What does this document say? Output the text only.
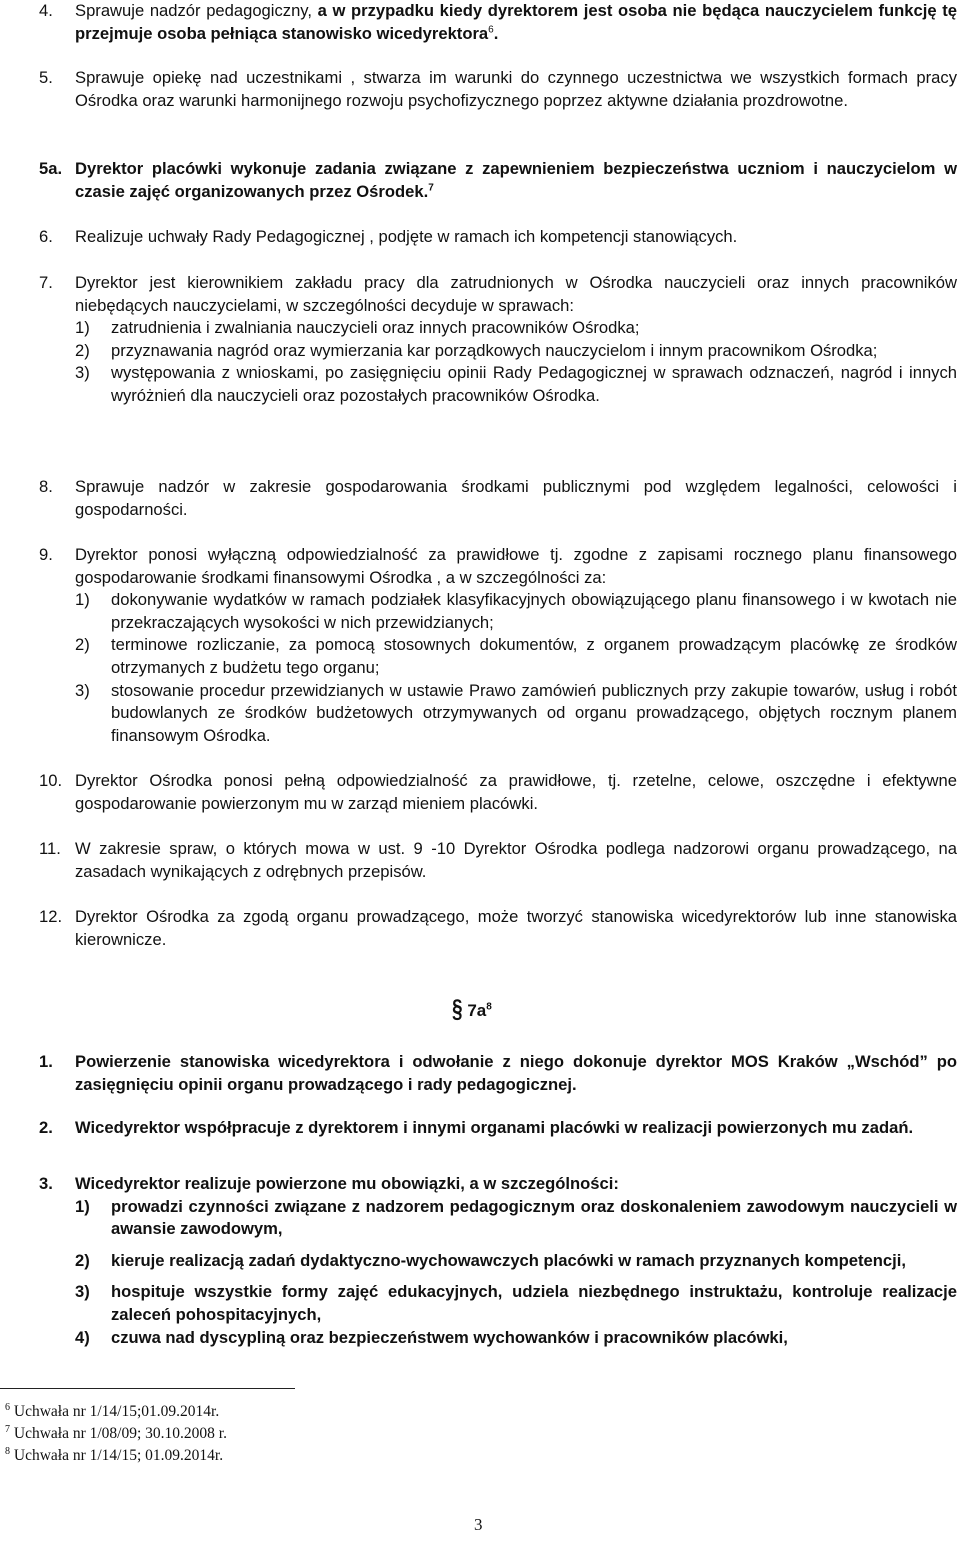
4. Sprawuje nadzór pedagogiczny, a w przypadku kiedy dyrektorem jest osoba nie będąca nauczycielem funkcję tę przejmuje osoba pełniąca stanowisko wicedyrektora$^6$.
5. Sprawuje opiekę nad uczestnikami , stwarza im warunki do czynnego uczestnictwa we wszystkich formach pracy Ośrodka oraz warunki harmonijnego rozwoju psychofizycznego poprzez aktywne działania prozdrowotne.
5a. Dyrektor placówki wykonuje zadania związane z zapewnieniem bezpieczeństwa uczniom i nauczycielom w czasie zajęć organizowanych przez Ośrodek.$^7$
6. Realizuje uchwały Rady Pedagogicznej , podjęte w ramach ich kompetencji stanowiących.
7. Dyrektor jest kierownikiem zakładu pracy dla zatrudnionych w Ośrodka nauczycieli oraz innych pracowników niebędących nauczycielami, w szczególności decyduje w sprawach:
1) zatrudnienia i zwalniania nauczycieli oraz innych pracowników Ośrodka;
2) przyznawania nagród oraz wymierzania kar porządkowych nauczycielom i innym pracownikom Ośrodka;
3) występowania z wnioskami, po zasięgnięciu opinii Rady Pedagogicznej w sprawach odznaczeń, nagród i innych wyróżnień dla nauczycieli oraz pozostałych pracowników Ośrodka.
8. Sprawuje nadzór w zakresie gospodarowania środkami publicznymi pod względem legalności, celowości i gospodarności.
9. Dyrektor ponosi wyłączną odpowiedzialność za prawidłowe tj. zgodne z zapisami rocznego planu finansowego gospodarowanie środkami finansowymi Ośrodka , a w szczególności za:
1) dokonywanie wydatków w ramach podziałek klasyfikacyjnych obowiązującego planu finansowego i w kwotach nie przekraczających wysokości w nich przewidzianych;
2) terminowe rozliczanie, za pomocą stosownych dokumentów, z organem prowadzącym placówkę ze środków otrzymanych z budżetu tego organu;
3) stosowanie procedur przewidzianych w ustawie Prawo zamówień publicznych przy zakupie towarów, usług i robót budowlanych ze środków budżetowych otrzymywanych od organu prowadzącego, objętych rocznym planem finansowym Ośrodka.
10. Dyrektor Ośrodka ponosi pełną odpowiedzialność za prawidłowe, tj. rzetelne, celowe, oszczędne i efektywne gospodarowanie powierzonym mu w zarząd mieniem placówki.
11. W zakresie spraw, o których mowa w ust. 9 -10 Dyrektor Ośrodka podlega nadzorowi organu prowadzącego, na zasadach wynikających z odrębnych przepisów.
12. Dyrektor Ośrodka za zgodą organu prowadzącego, może tworzyć stanowiska wicedyrektorów lub inne stanowiska kierownicze.
§ $7a^8$
1. Powierzenie stanowiska wicedyrektora i odwołanie z niego dokonuje dyrektor MOS Kraków „Wschód” po zasięgnięciu opinii organu prowadzącego i rady pedagogicznej.
2. Wicedyrektor współpracuje z dyrektorem i innymi organami placówki w realizacji powierzonych mu zadań.
3. Wicedyrektor realizuje powierzone mu obowiązki, a w szczególności:
1) prowadzi czynności związane z nadzorem pedagogicznym oraz doskonaleniem zawodowym nauczycieli w awansie zawodowym,
2) kieruje realizacją zadań dydaktyczno-wychowawczych placówki w ramach przyznanych kompetencji,
3) hospituje wszystkie formy zajęć edukacyjnych, udziela niezbędnego instruktażu, kontroluje realizacje zaleceń pohospitacyjnych,
4) czuwa nad dyscypliną oraz bezpieczeństwem wychowanków i pracowników placówki,
$^6$ Uchwała nr 1/14/15;01.09.2014r.
$^7$ Uchwała nr 1/08/09; 30.10.2008 r.
$^8$ Uchwała nr 1/14/15; 01.09.2014r.
3
